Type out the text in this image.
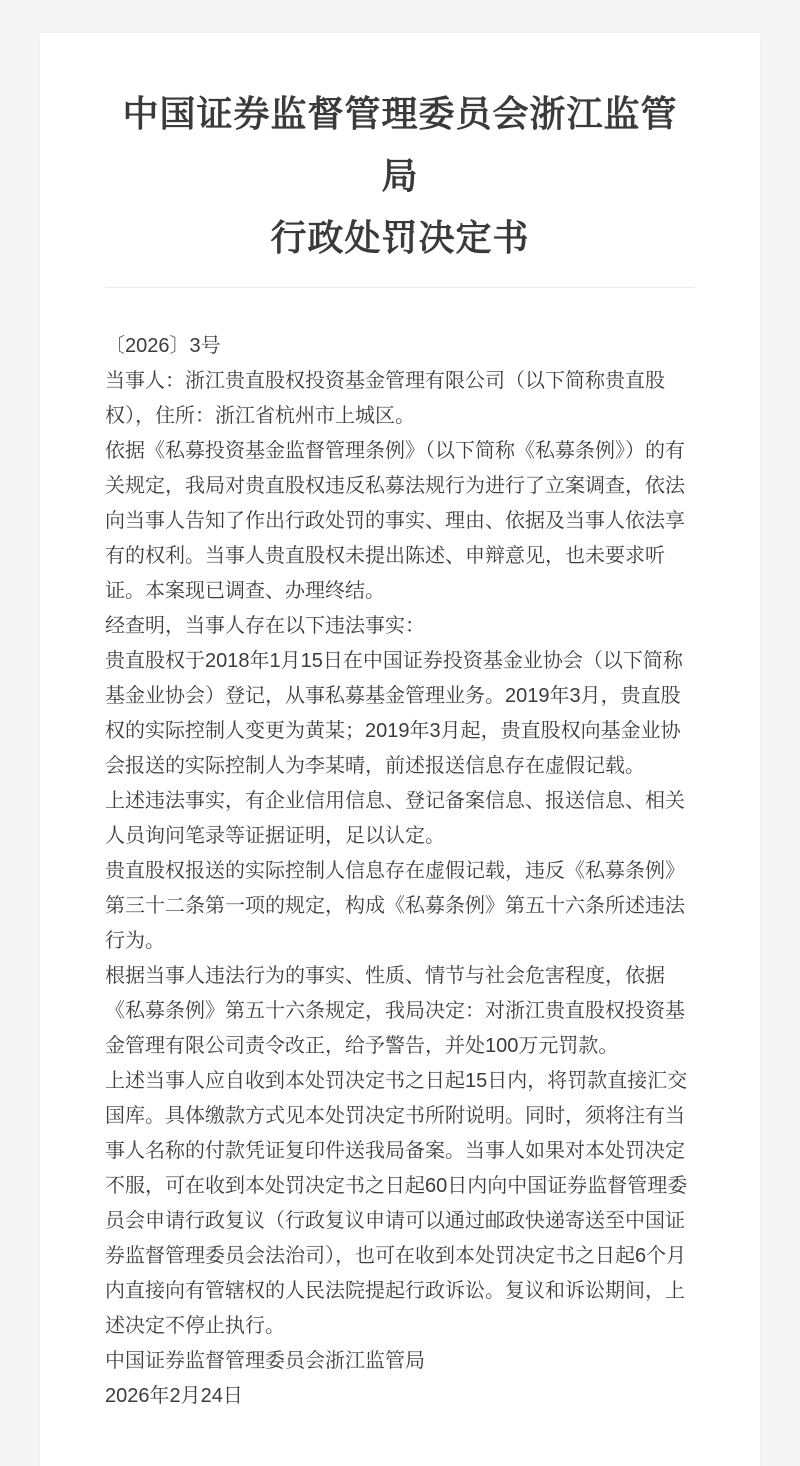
中国证券监督管理委员会浙江监管局
行政处罚决定书

〔2026〕3号

当事人：浙江贵直股权投资基金管理有限公司（以下简称贵直股权），住所：浙江省杭州市上城区。

依据《私募投资基金监督管理条例》（以下简称《私募条例》）的有关规定，我局对贵直股权违反私募法规行为进行了立案调查，依法向当事人告知了作出行政处罚的事实、理由、依据及当事人依法享有的权利。当事人贵直股权未提出陈述、申辩意见，也未要求听证。本案现已调查、办理终结。

经查明，当事人存在以下违法事实：

贵直股权于2018年1月15日在中国证券投资基金业协会（以下简称基金业协会）登记，从事私募基金管理业务。2019年3月，贵直股权的实际控制人变更为黄某；2019年3月起，贵直股权向基金业协会报送的实际控制人为李某晴，前述报送信息存在虚假记载。

上述违法事实，有企业信用信息、登记备案信息、报送信息、相关人员询问笔录等证据证明，足以认定。

贵直股权报送的实际控制人信息存在虚假记载，违反《私募条例》第三十二条第一项的规定，构成《私募条例》第五十六条所述违法行为。

根据当事人违法行为的事实、性质、情节与社会危害程度，依据《私募条例》第五十六条规定，我局决定：对浙江贵直股权投资基金管理有限公司责令改正，给予警告，并处100万元罚款。

上述当事人应自收到本处罚决定书之日起15日内，将罚款直接汇交国库。具体缴款方式见本处罚决定书所附说明。同时，须将注有当事人名称的付款凭证复印件送我局备案。当事人如果对本处罚决定不服，可在收到本处罚决定书之日起60日内向中国证券监督管理委员会申请行政复议（行政复议申请可以通过邮政快递寄送至中国证券监督管理委员会法治司），也可在收到本处罚决定书之日起6个月内直接向有管辖权的人民法院提起行政诉讼。复议和诉讼期间，上述决定不停止执行。

中国证券监督管理委员会浙江监管局

2026年2月24日
